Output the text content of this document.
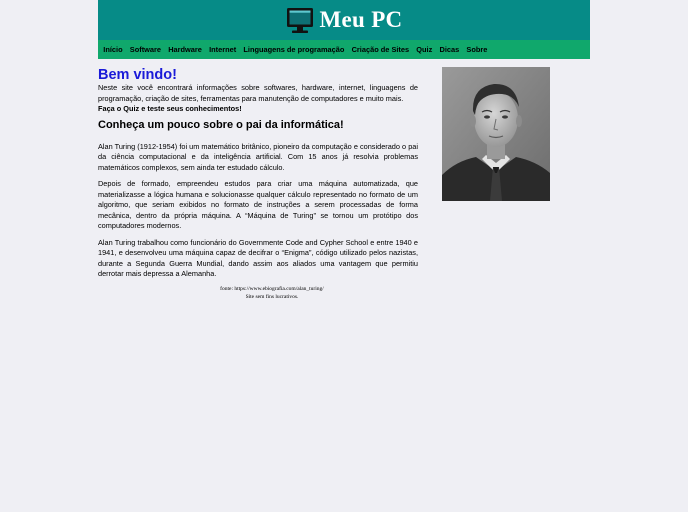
Meu PC
Início Software Hardware Internet Linguagens de programação Criação de Sites Quiz Dicas Sobre
Bem vindo!

Neste site você encontrará informações sobre softwares, hardware, internet, linguagens de programação, criação de sites, ferramentas para manutenção de computadores e muito mais.

Faça o Quiz e teste seus conhecimentos!

Conheça um pouco sobre o pai da informática!

Alan Turing (1912-1954) foi um matemático britânico, pioneiro da computação e considerado o pai da ciência computacional e da inteligência artificial. Com 15 anos já resolvia problemas matemáticos complexos, sem ainda ter estudado cálculo.

Depois de formado, empreendeu estudos para criar uma máquina automatizada, que materializasse a lógica humana e solucionasse qualquer cálculo representado no formato de um algoritmo, que seriam exibidos no formato de instruções a serem processadas de forma mecânica, dentro da própria máquina. A “Máquina de Turing” se tornou um protótipo dos computadores modernos.

Alan Turing trabalhou como funcionário do Governmente Code and Cypher School e entre 1940 e 1941, e desenvolveu uma máquina capaz de decifrar o “Enigma”, código utilizado pelos nazistas, durante a Segunda Guerra Mundial, dando assim aos aliados uma vantagem que permitiu derrotar mais depressa a Alemanha.

fonte: https://www.ebiografia.com/alan_turing/

Site sem fins lucrativos.
